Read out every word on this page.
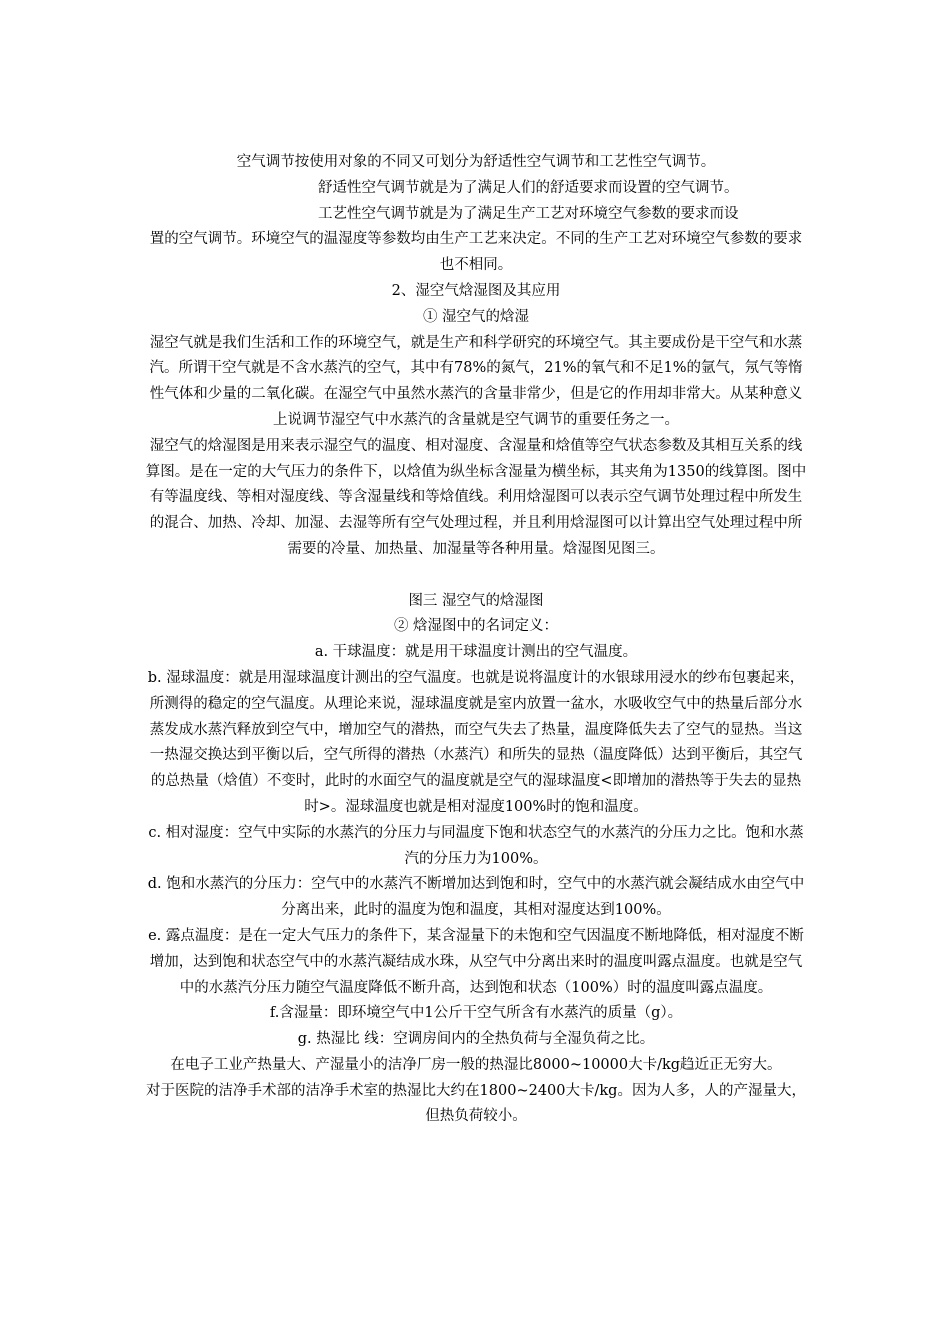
空气调节按使用对象的不同又可划分为舒适性空气调节和工艺性空气调节。

舒适性空气调节就是为了满足人们的舒适要求而设置的空气调节。

工艺性空气调节就是为了满足生产工艺对环境空气参数的要求而设

置的空气调节。环境空气的温湿度等参数均由生产工艺来决定。不同的生产工艺对环境空气参数的要求也不相同。

2、湿空气焓湿图及其应用

① 湿空气的焓湿

湿空气就是我们生活和工作的环境空气，就是生产和科学研究的环境空气。其主要成份是干空气和水蒸汽。所谓干空气就是不含水蒸汽的空气，其中有78%的氮气，21%的氧气和不足1%的氩气，氖气等惰性气体和少量的二氧化碳。在湿空气中虽然水蒸汽的含量非常少，但是它的作用却非常大。从某种意义上说调节湿空气中水蒸汽的含量就是空气调节的重要任务之一。

湿空气的焓湿图是用来表示湿空气的温度、相对湿度、含湿量和焓值等空气状态参数及其相互关系的线算图。是在一定的大气压力的条件下，以焓值为纵坐标含湿量为横坐标，其夹角为1350的线算图。图中有等温度线、等相对湿度线、等含湿量线和等焓值线。利用焓湿图可以表示空气调节处理过程中所发生的混合、加热、冷却、加湿、去湿等所有空气处理过程，并且利用焓湿图可以计算出空气处理过程中所需要的冷量、加热量、加湿量等各种用量。焓湿图见图三。

图三 湿空气的焓湿图

② 焓湿图中的名词定义：

a. 干球温度：就是用干球温度计测出的空气温度。

b. 湿球温度：就是用湿球温度计测出的空气温度。也就是说将温度计的水银球用浸水的纱布包裹起来，所测得的稳定的空气温度。从理论来说，湿球温度就是室内放置一盆水，水吸收空气中的热量后部分水蒸发成水蒸汽释放到空气中，增加空气的潜热，而空气失去了热量，温度降低失去了空气的显热。当这一热湿交换达到平衡以后，空气所得的潜热（水蒸汽）和所失的显热（温度降低）达到平衡后，其空气的总热量（焓值）不变时，此时的水面空气的温度就是空气的湿球温度<即增加的潜热等于失去的显热时>。湿球温度也就是相对湿度100%时的饱和温度。

c. 相对湿度：空气中实际的水蒸汽的分压力与同温度下饱和状态空气的水蒸汽的分压力之比。饱和水蒸汽的分压力为100%。

d. 饱和水蒸汽的分压力：空气中的水蒸汽不断增加达到饱和时，空气中的水蒸汽就会凝结成水由空气中分离出来，此时的温度为饱和温度，其相对湿度达到100%。

e. 露点温度：是在一定大气压力的条件下，某含湿量下的未饱和空气因温度不断地降低，相对湿度不断增加，达到饱和状态空气中的水蒸汽凝结成水珠，从空气中分离出来时的温度叫露点温度。也就是空气中的水蒸汽分压力随空气温度降低不断升高，达到饱和状态（100%）时的温度叫露点温度。

f.含湿量：即环境空气中1公斤干空气所含有水蒸汽的质量（g）。

g. 热湿比 线：空调房间内的全热负荷与全湿负荷之比。

在电子工业产热量大、产湿量小的洁净厂房一般的热湿比8000~10000大卡/kg趋近正无穷大。

对于医院的洁净手术部的洁净手术室的热湿比大约在1800~2400大卡/kg。因为人多，人的产湿量大，但热负荷较小。
